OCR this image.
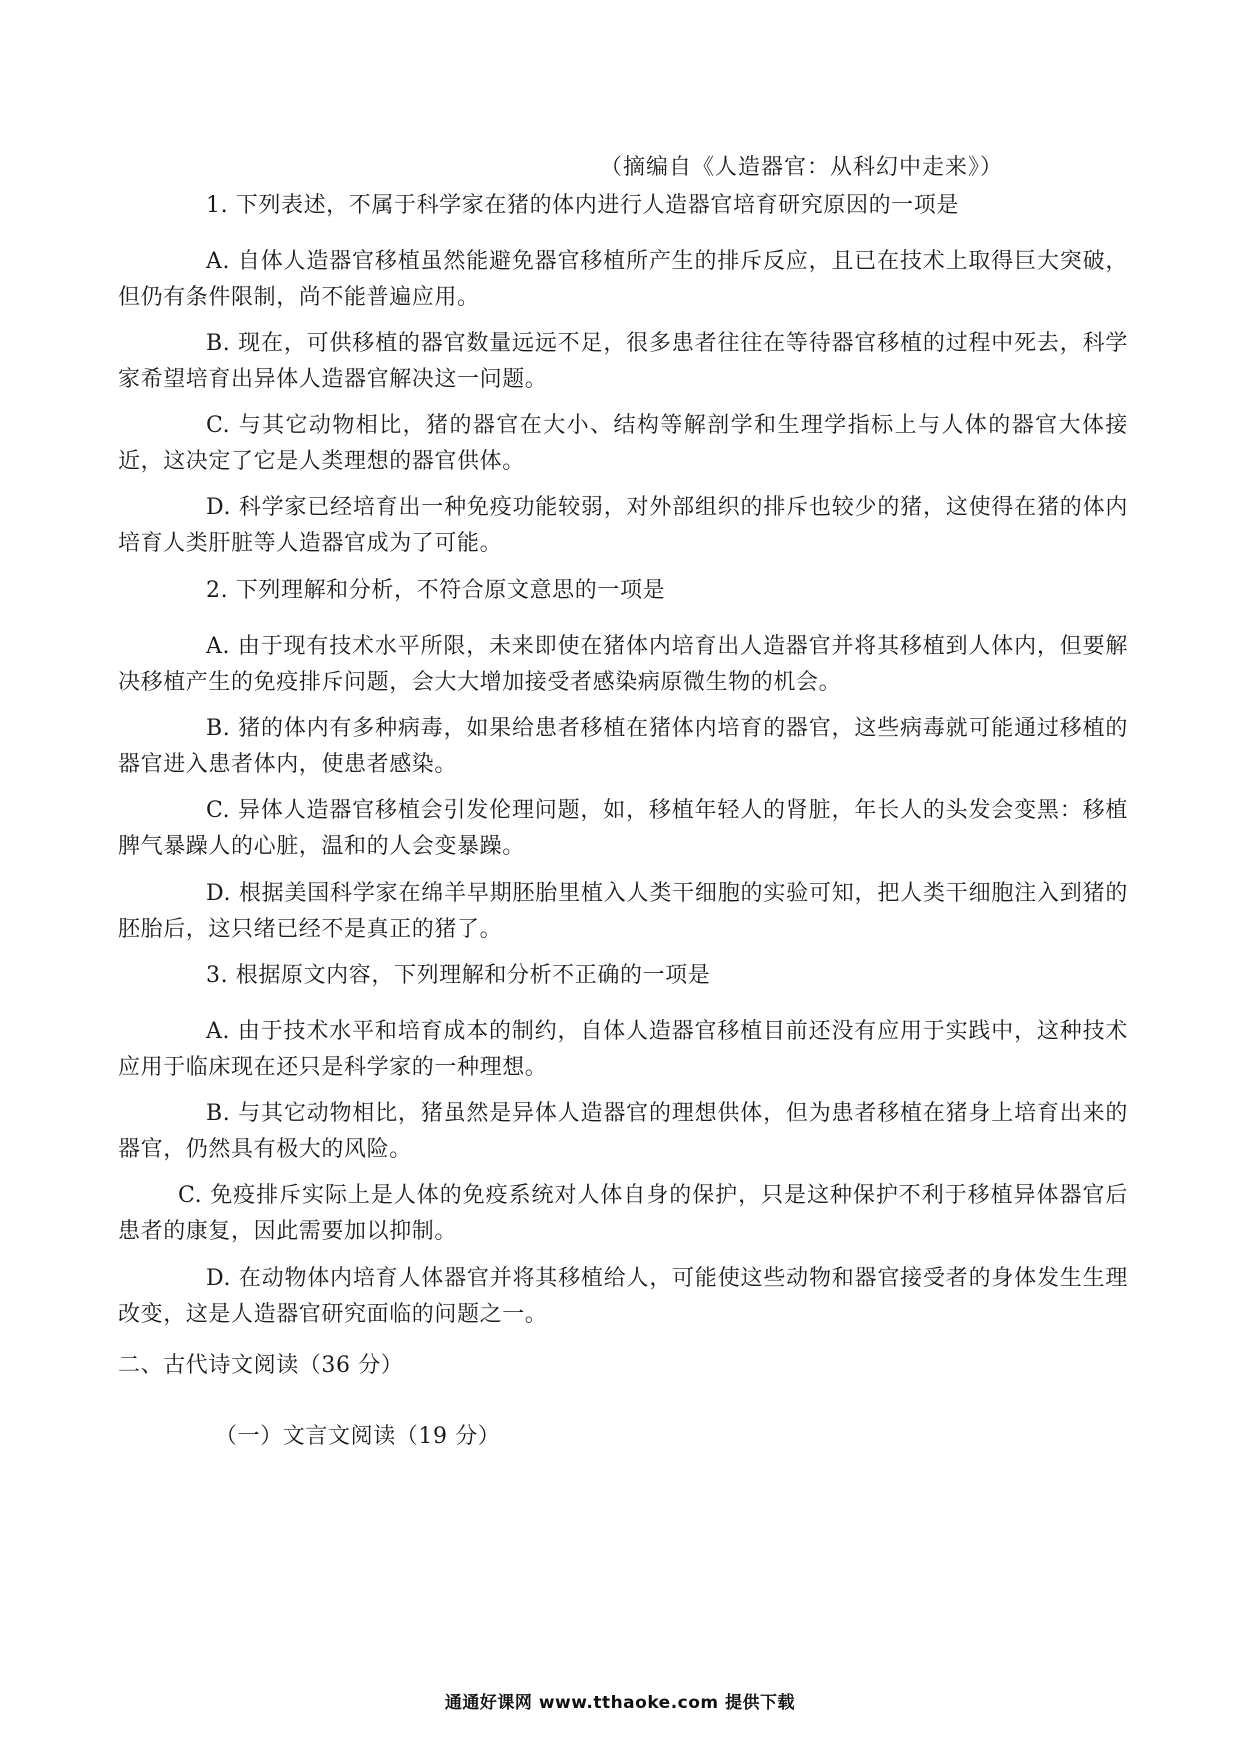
（摘编自《人造器官：从科幻中走来》）
1. 下列表述，不属于科学家在猪的体内进行人造器官培育研究原因的一项是
A. 自体人造器官移植虽然能避免器官移植所产生的排斥反应，且已在技术上取得巨大突破，但仍有条件限制，尚不能普遍应用。
B. 现在，可供移植的器官数量远远不足，很多患者往往在等待器官移植的过程中死去，科学家希望培育出异体人造器官解决这一问题。
C. 与其它动物相比，猪的器官在大小、结构等解剖学和生理学指标上与人体的器官大体接近，这决定了它是人类理想的器官供体。
D. 科学家已经培育出一种免疫功能较弱，对外部组织的排斥也较少的猪，这使得在猪的体内培育人类肝脏等人造器官成为了可能。
2. 下列理解和分析，不符合原文意思的一项是
A. 由于现有技术水平所限，未来即使在猪体内培育出人造器官并将其移植到人体内，但要解决移植产生的免疫排斥问题，会大大增加接受者感染病原微生物的机会。
B. 猪的体内有多种病毒，如果给患者移植在猪体内培育的器官，这些病毒就可能通过移植的器官进入患者体内，使患者感染。
C. 异体人造器官移植会引发伦理问题，如，移植年轻人的肾脏，年长人的头发会变黑：移植脾气暴躁人的心脏，温和的人会变暴躁。
D. 根据美国科学家在绵羊早期胚胎里植入人类干细胞的实验可知，把人类干细胞注入到猪的胚胎后，这只绪已经不是真正的猪了。
3. 根据原文内容，下列理解和分析不正确的一项是
A. 由于技术水平和培育成本的制约，自体人造器官移植目前还没有应用于实践中，这种技术应用于临床现在还只是科学家的一种理想。
B. 与其它动物相比，猪虽然是异体人造器官的理想供体，但为患者移植在猪身上培育出来的器官，仍然具有极大的风险。
C. 免疫排斥实际上是人体的免疫系统对人体自身的保护，只是这种保护不利于移植异体器官后患者的康复，因此需要加以抑制。
D. 在动物体内培育人体器官并将其移植给人，可能使这些动物和器官接受者的身体发生生理改变，这是人造器官研究面临的问题之一。
二、古代诗文阅读（36 分）
（一）文言文阅读（19 分）
通通好课网 www.tthaoke.com 提供下载
